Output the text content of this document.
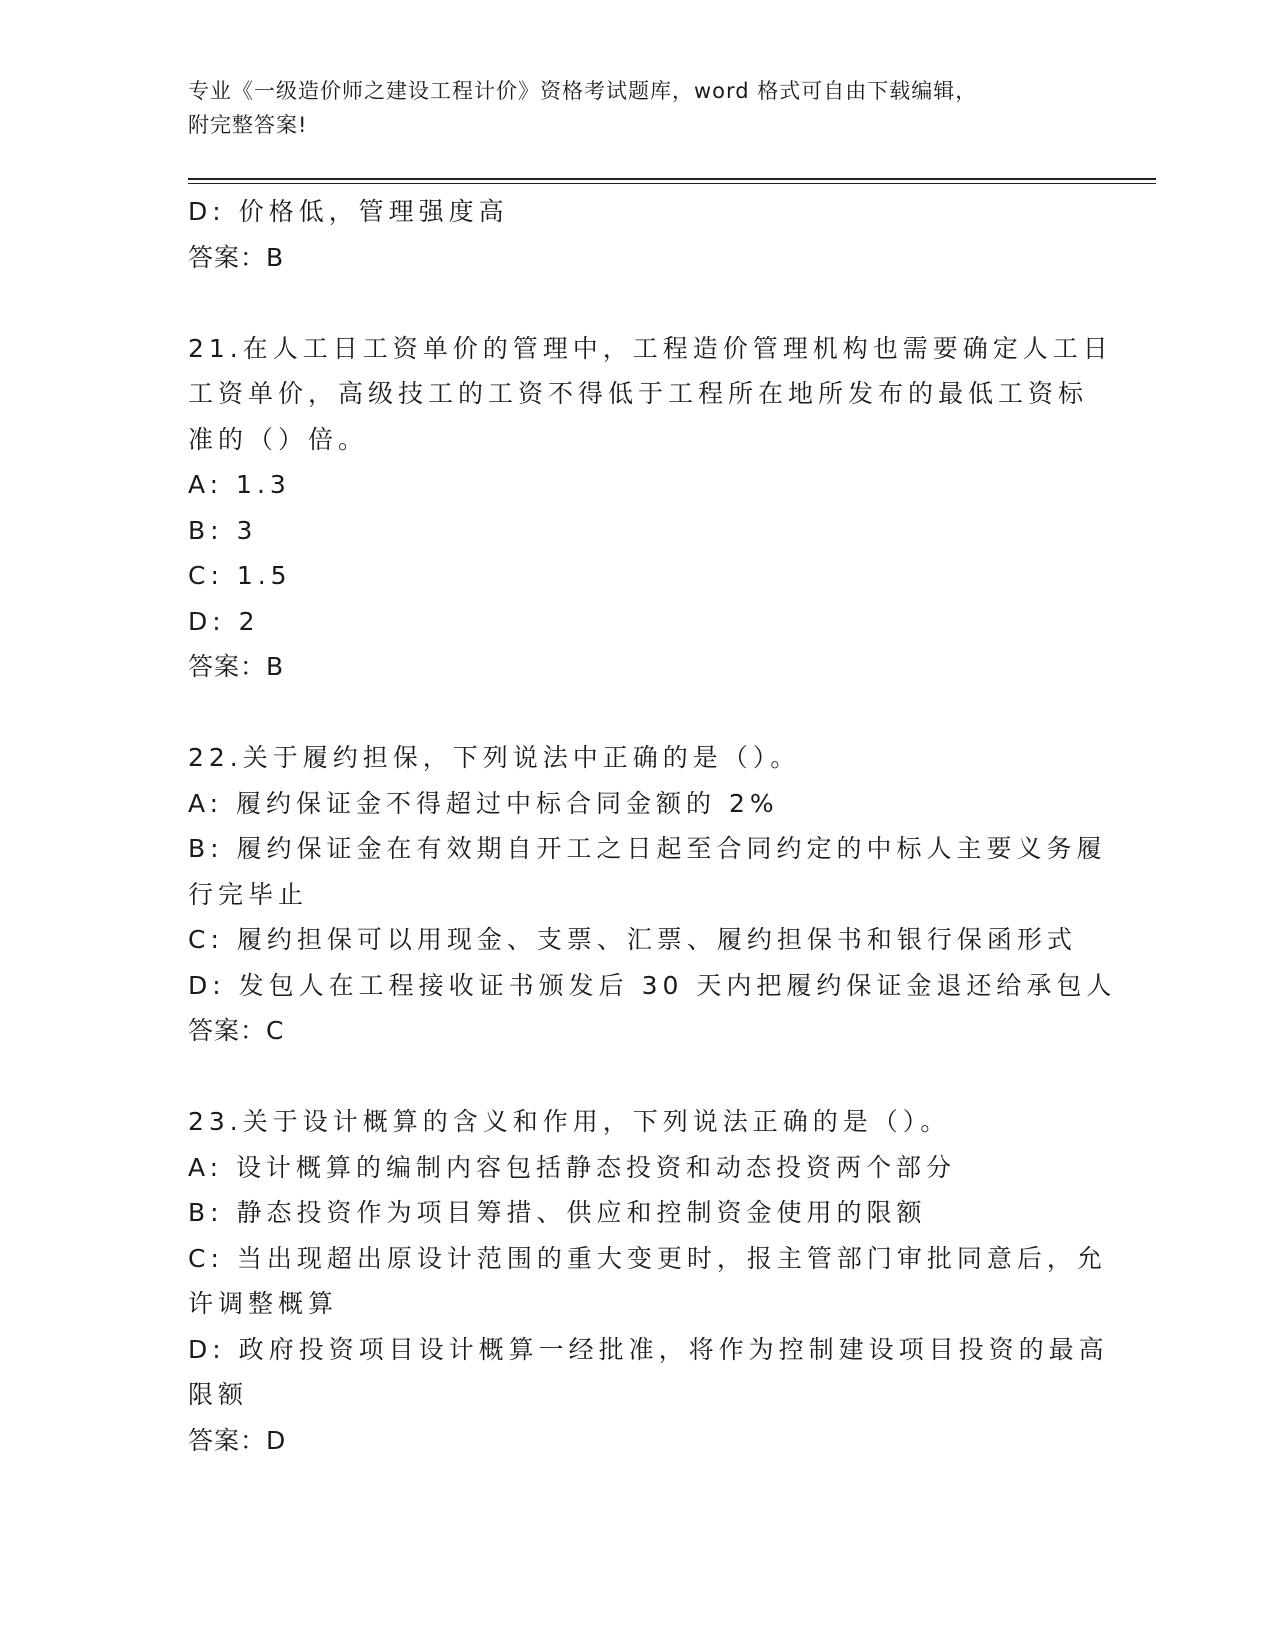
专业《一级造价师之建设工程计价》资格考试题库，word 格式可自由下载编辑，
附完整答案!
D: 价格低，管理强度高
答案：B
21.在人工日工资单价的管理中，工程造价管理机构也需要确定人工日
工资单价，高级技工的工资不得低于工程所在地所发布的最低工资标
准的（）倍。
A: 1.3
B: 3
C: 1.5
D: 2
答案：B
22.关于履约担保，下列说法中正确的是（）。
A: 履约保证金不得超过中标合同金额的 2%
B: 履约保证金在有效期自开工之日起至合同约定的中标人主要义务履
行完毕止
C: 履约担保可以用现金、支票、汇票、履约担保书和银行保函形式
D: 发包人在工程接收证书颁发后 30 天内把履约保证金退还给承包人
答案：C
23.关于设计概算的含义和作用，下列说法正确的是（）。
A: 设计概算的编制内容包括静态投资和动态投资两个部分
B: 静态投资作为项目筹措、供应和控制资金使用的限额
C: 当出现超出原设计范围的重大变更时，报主管部门审批同意后，允
许调整概算
D: 政府投资项目设计概算一经批准，将作为控制建设项目投资的最高
限额
答案：D
